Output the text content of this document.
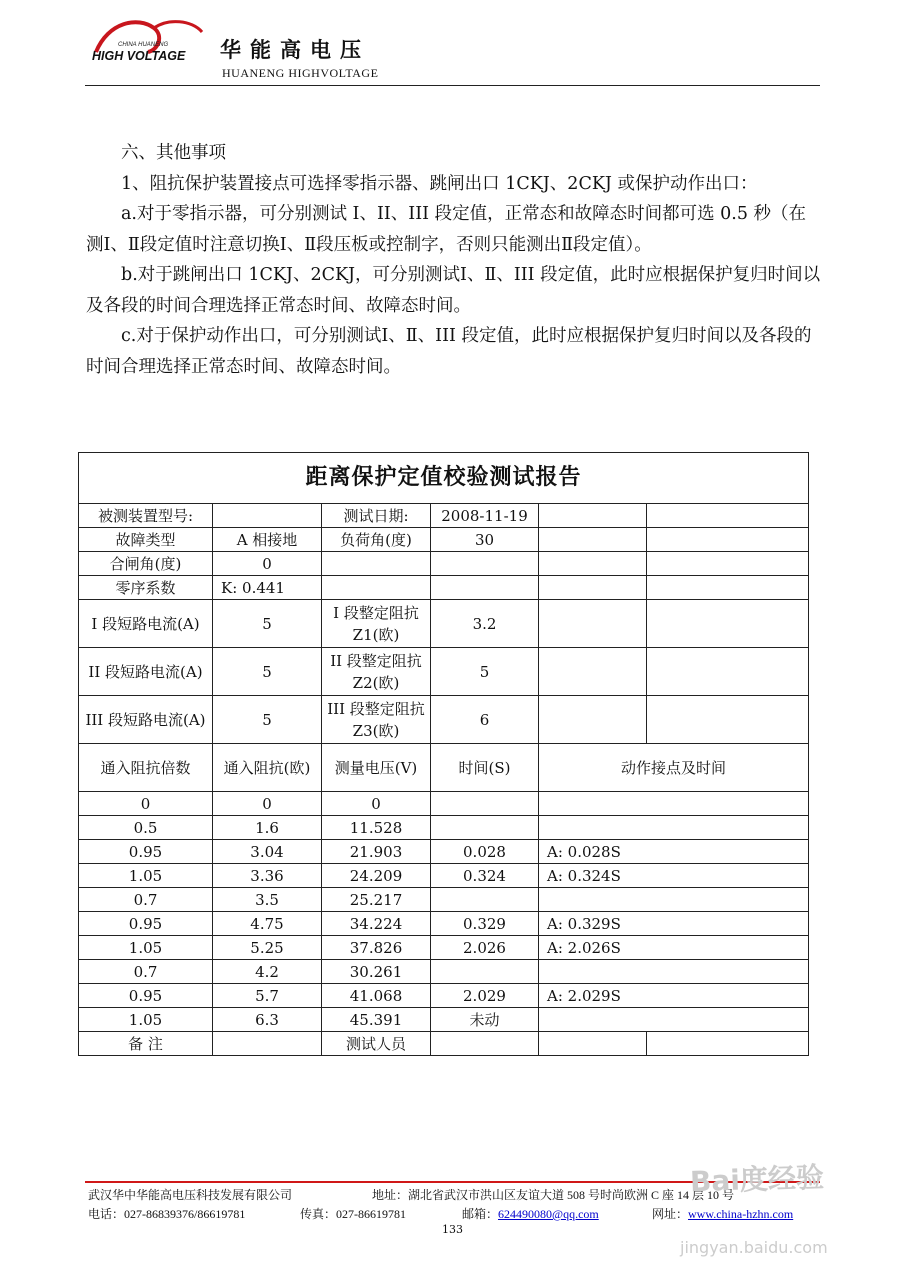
CHINA HUANENG
HIGH VOLTAGE 华能高电压
HUANENG HIGHVOLTAGE

六、其他事项

1、阻抗保护装置接点可选择零指示器、跳闸出口 1CKJ、2CKJ 或保护动作出口：

a.对于零指示器，可分别测试 I、II、III 段定值，正常态和故障态时间都可选 0.5 秒（在测Ⅰ、Ⅱ段定值时注意切换Ⅰ、Ⅱ段压板或控制字，否则只能测出Ⅱ段定值）。

b.对于跳闸出口 1CKJ、2CKJ，可分别测试Ⅰ、Ⅱ、III 段定值，此时应根据保护复归时间以及各段的时间合理选择正常态时间、故障态时间。

c.对于保护动作出口，可分别测试Ⅰ、Ⅱ、III 段定值，此时应根据保护复归时间以及各段的时间合理选择正常态时间、故障态时间。

距离保护定值校验测试报告					
被测装置型号:		测试日期:	2008-11-19		
故障类型	A 相接地	负荷角(度)	30		
合闸角(度)	0				
零序系数	K: 0.441				
I 段短路电流(A)	5	I 段整定阻抗 Z1(欧)	3.2		
II 段短路电流(A)	5	II 段整定阻抗 Z2(欧)	5		
III 段短路电流(A)	5	III 段整定阻抗 Z3(欧)	6		
通入阻抗倍数	通入阻抗(欧)	测量电压(V)	时间(S)	动作接点及时间	
0	0	0			
0.5	1.6	11.528			
0.95	3.04	21.903	0.028	A: 0.028S	
1.05	3.36	24.209	0.324	A: 0.324S	
0.7	3.5	25.217			
0.95	4.75	34.224	0.329	A: 0.329S	
1.05	5.25	37.826	2.026	A: 2.026S	
0.7	4.2	30.261			
0.95	5.7	41.068	2.029	A: 2.029S	
1.05	6.3	45.391	未动		
备 注		测试人员			
武汉华中华能高电压科技发展有限公司	地址：湖北省武汉市洪山区友谊大道 508 号时尚欧洲 C 座 14 层 10 号
电话：027-86839376/86619781	传真：027-86619781	邮箱：624490080@qq.com	网址：www.china-hzhn.com
133
Bai度经验
jingyan.baidu.com
